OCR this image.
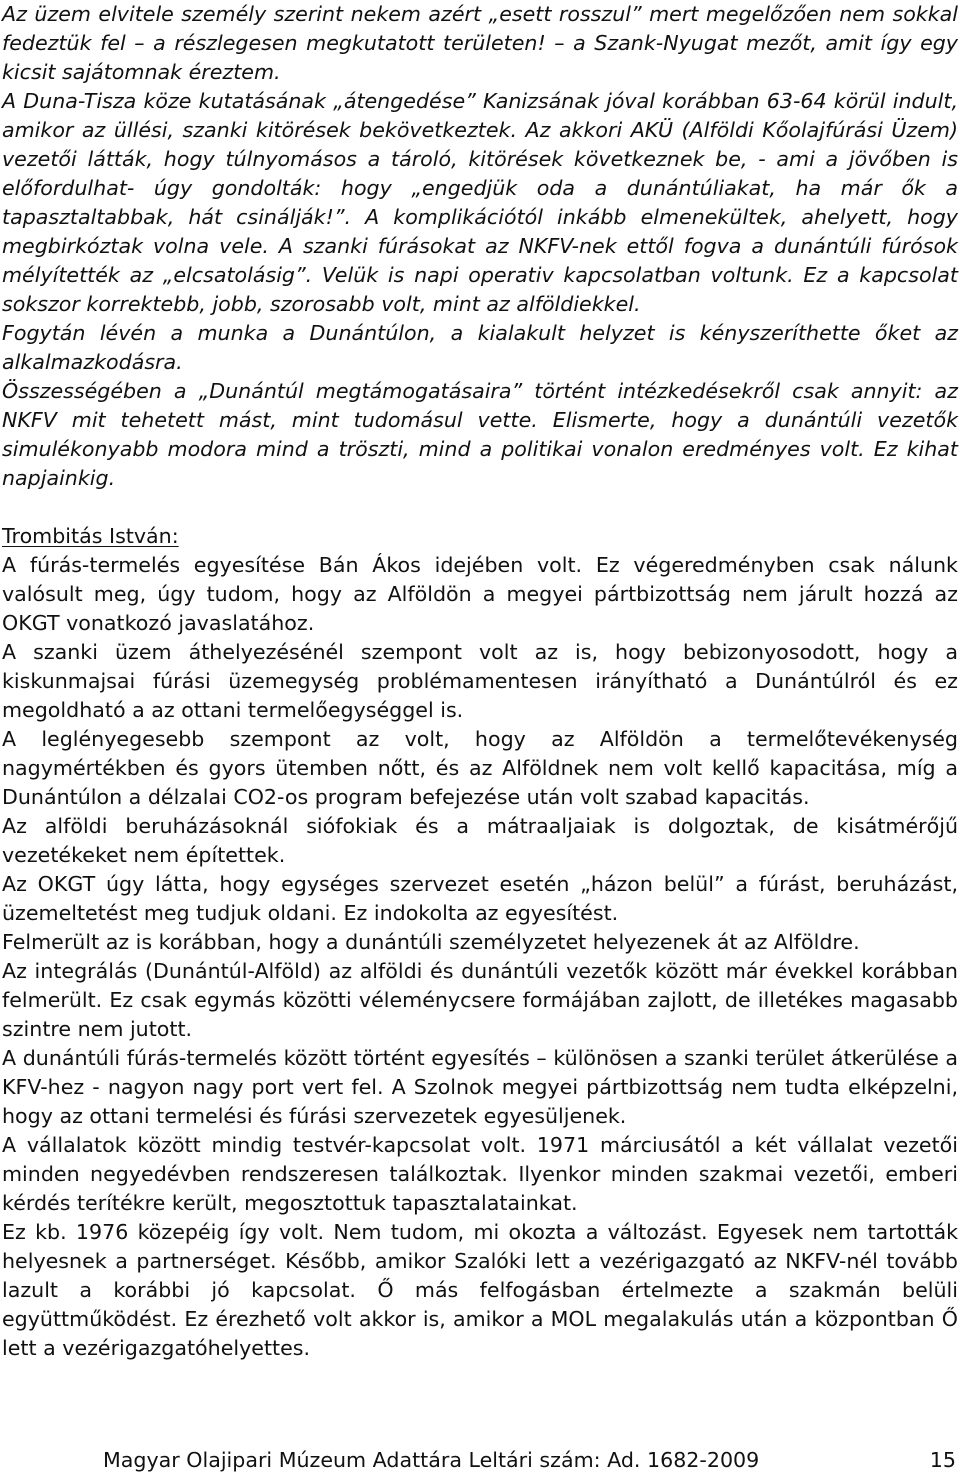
Az üzem elvitele személy szerint nekem azért „esett rosszul” mert megelőzően nem sokkal fedeztük fel – a részlegesen megkutatott területen! – a Szank-Nyugat mezőt, amit így egy kicsit sajátomnak éreztem.

A Duna-Tisza köze kutatásának „átengedése” Kanizsának jóval korábban 63-64 körül indult, amikor az üllési, szanki kitörések bekövetkeztek. Az akkori AKÜ (Alföldi Kőolajfúrási Üzem) vezetői látták, hogy túlnyomásos a tároló, kitörések következnek be, - ami a jövőben is előfordulhat- úgy gondolták: hogy „engedjük oda a dunántúliakat, ha már ők a tapasztaltabbak, hát csinálják!”. A komplikációtól inkább elmenekültek, ahelyett, hogy megbirkóztak volna vele. A szanki fúrásokat az NKFV-nek ettől fogva a dunántúli fúrósok mélyítették az „elcsatolásig”. Velük is napi operativ kapcsolatban voltunk. Ez a kapcsolat sokszor korrektebb, jobb, szorosabb volt, mint az alföldiekkel.

Fogytán lévén a munka a Dunántúlon, a kialakult helyzet is kényszeríthette őket az alkalmazkodásra.

Összességében a „Dunántúl megtámogatásaira” történt intézkedésekről csak annyit: az NKFV mit tehetett mást, mint tudomásul vette. Elismerte, hogy a dunántúli vezetők simulékonyabb modora mind a tröszti, mind a politikai vonalon eredményes volt. Ez kihat napjainkig.

Trombitás István:

A fúrás-termelés egyesítése Bán Ákos idejében volt. Ez végeredményben csak nálunk valósult meg, úgy tudom, hogy az Alföldön a megyei pártbizottság nem járult hozzá az OKGT vonatkozó javaslatához.

A szanki üzem áthelyezésénél szempont volt az is, hogy bebizonyosodott, hogy a kiskunmajsai fúrási üzemegység problémamentesen irányítható a Dunántúlról és ez megoldható a az ottani termelőegységgel is.

A leglényegesebb szempont az volt, hogy az Alföldön a termelőtevékenység nagymértékben és gyors ütemben nőtt, és az Alföldnek nem volt kellő kapacitása, míg a Dunántúlon a délzalai CO2-os program befejezése után volt szabad kapacitás.

Az alföldi beruházásoknál siófokiak és a mátraaljaiak is dolgoztak, de kisátmérőjű vezetékeket nem építettek.

Az OKGT úgy látta, hogy egységes szervezet esetén „házon belül” a fúrást, beruházást, üzemeltetést meg tudjuk oldani. Ez indokolta az egyesítést.

Felmerült az is korábban, hogy a dunántúli személyzetet helyezenek át az Alföldre.

Az integrálás (Dunántúl-Alföld) az alföldi és dunántúli vezetők között már évekkel korábban felmerült. Ez csak egymás közötti véleménycsere formájában zajlott, de illetékes magasabb szintre nem jutott.

A dunántúli fúrás-termelés között történt egyesítés – különösen a szanki terület átkerülése a KFV-hez - nagyon nagy port vert fel. A Szolnok megyei pártbizottság nem tudta elképzelni, hogy az ottani termelési és fúrási szervezetek egyesüljenek.

A vállalatok között mindig testvér-kapcsolat volt. 1971 márciusától a két vállalat vezetői minden negyedévben rendszeresen találkoztak. Ilyenkor minden szakmai vezetői, emberi kérdés terítékre került, megosztottuk tapasztalatainkat.

Ez kb. 1976 közepéig így volt. Nem tudom, mi okozta a változást. Egyesek nem tartották helyesnek a partnerséget. Később, amikor Szalóki lett a vezérigazgató az NKFV-nél tovább lazult a korábbi jó kapcsolat. Ő más felfogásban értelmezte a szakmán belüli együttműködést. Ez érezhető volt akkor is, amikor a MOL megalakulás után a központban Ő lett a vezérigazgatóhelyettes.

Magyar Olajipari Múzeum Adattára Leltári szám: Ad. 1682-2009	15
